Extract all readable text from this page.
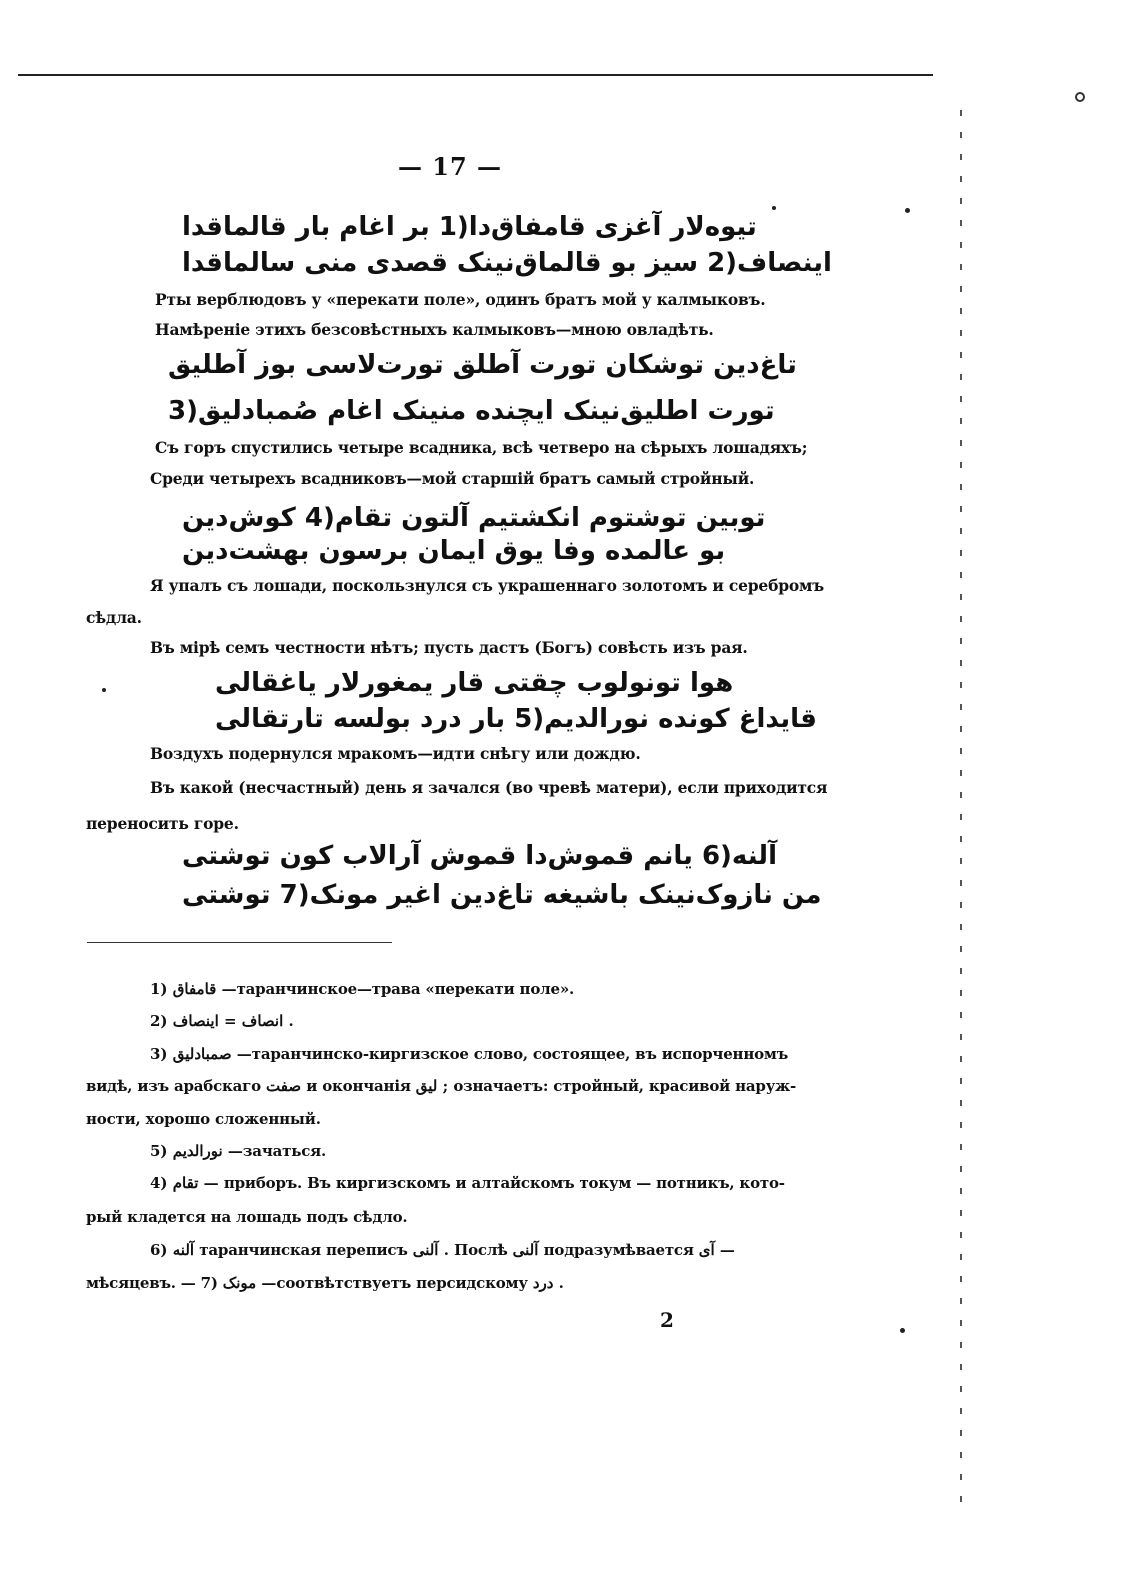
— 17 —
تیوه‌لار آغزی قامفاق‌دا(1 بر اغام بار قالماقدا
اینصاف(2 سیز بو قالماق‌نینک قصدی منی سالماقدا
Рты верблюдовъ у «перекати поле», одинъ братъ мой у калмыковъ.
Намѣреніе этихъ безсовѣстныхъ калмыковъ—мною овладѣть.
تاغ‌دین توشکان تورت آطلق تورت‌لاسی بوز آطلیق
تورت اطلیق‌نینک ایچنده منینک اغام صُمبادلیق(3
Съ горъ спустились четыре всадника, всѣ четверо на сѣрыхъ лошадяхъ;
Среди четырехъ всадниковъ—мой старшій братъ самый стройный.
توبین توشتوم انکشتیم آلتون تقام(4 کوش‌دین
بو عالمده وفا یوق ایمان برسون بهشت‌دین
Я упалъ съ лошади, поскользнулся съ украшеннаго золотомъ и серебромъ
сѣдла.
Въ мірѣ семъ честности нѣтъ; пусть дастъ (Богъ) совѣсть изъ рая.
هوا تونولوب چقتی قار یمغورلار یاغقالی
قایداغ کونده نورالدیم(5 بار درد بولسه تارتقالی
Воздухъ подернулся мракомъ—идти снѣгу или дождю.
Въ какой (несчастный) день я зачался (во чревѣ матери), если приходится
переносить горе.
آلنه(6 یانم قموش‌دا قموش آرالاب کون توشتی
من نازوک‌نینک باشیغه تاغ‌دین اغیر مونک(7 توشتی
1) قامفاق —таранчинское—трава «перекати поле».
2) انصاف = اینصاف .
3) صمبادلیق —таранчинско-киргизское слово, состоящее, въ испорченномъ
видѣ, изъ арабскаго صفت и окончанія لیق ; означаетъ: стройный, красивой наруж-
ности, хорошо сложенный.
5) نورالدیم —зачаться.
4) تقام — приборъ. Въ киргизскомъ и алтайскомъ токум — потникъ, кото-
рый кладется на лошадь подъ сѣдло.
6) آلنه таранчинская переписъ آلنی . Послѣ آلنی подразумѣвается آی —
мѣсяцевъ. — 7) مونک —соотвѣтствуетъ персидскому درد .
2
